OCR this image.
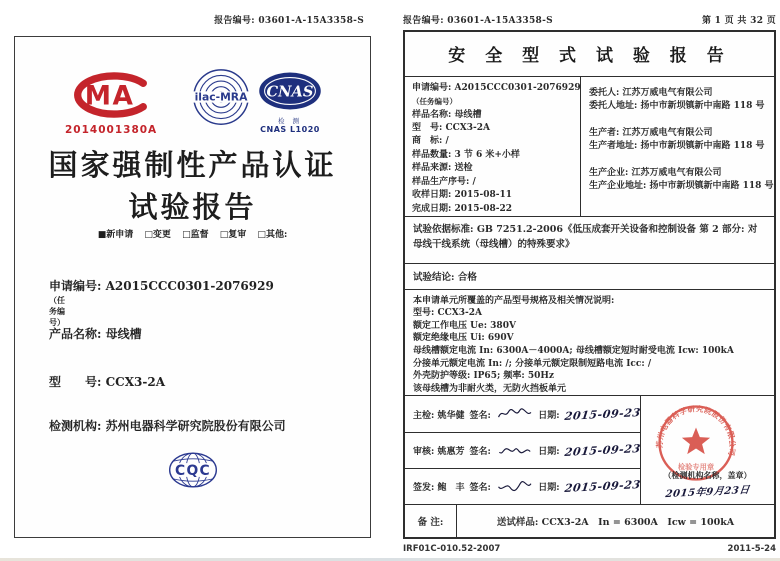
报告编号: 03601-A-15A3358-S
MA
2014001380A
ilac-MRA CNAS
检 测
CNAS L1020
国家强制性产品认证
试验报告
■新申请 □变更 □监督 □复审 □其他:
申请编号: A2015CCC0301-2076929
（任务编号）
产品名称: 母线槽
型　　号: CCX3-2A
检测机构: 苏州电器科学研究院股份有限公司
CQC
报告编号: 03601-A-15A3358-S	第 1 页 共 32 页
安 全 型 式 试 验 报 告
申请编号: A2015CCC0301-2076929
（任务编号）
样品名称: 母线槽
型　号: CCX3-2A
商　标: /
样品数量: 3 节 6 米+小样
样品来源: 送检
样品生产序号: /
收样日期: 2015-08-11
完成日期: 2015-08-22
委托人: 江苏万威电气有限公司
委托人地址: 扬中市新坝镇新中南路 118 号
生产者: 江苏万威电气有限公司
生产者地址: 扬中市新坝镇新中南路 118 号
生产企业: 江苏万威电气有限公司
生产企业地址: 扬中市新坝镇新中南路 118 号
试验依据标准: GB 7251.2-2006《低压成套开关设备和控制设备 第 2 部分: 对母线干线系统（母线槽）的特殊要求》
试验结论: 合格
本申请单元所覆盖的产品型号规格及相关情况说明:
型号: CCX3-2A
额定工作电压 Ue: 380V
额定绝缘电压 Ui: 690V
母线槽额定电流 In: 6300A－4000A; 母线槽额定短时耐受电流 Icw: 100kA
分接单元额定电流 In: /; 分接单元额定限制短路电流 Icc: /
外壳防护等级: IP65; 频率: 50Hz
该母线槽为非耐火类，无防火挡板单元
主检: 姚华健 签名:	日期: 2015-09-23
审核: 姚惠芳 签名:	日期: 2015-09-23
签发: 鲍　丰 签名:	日期: 2015-09-23
苏州电器科学研究院股份有限公司
检验专用章
（检测机构名称，盖章）
2015年9月23日
备 注:	送试样品: CCX3-2A　In = 6300A　Icw = 100kA
IRF01C-010.52-2007	2011-5-24
